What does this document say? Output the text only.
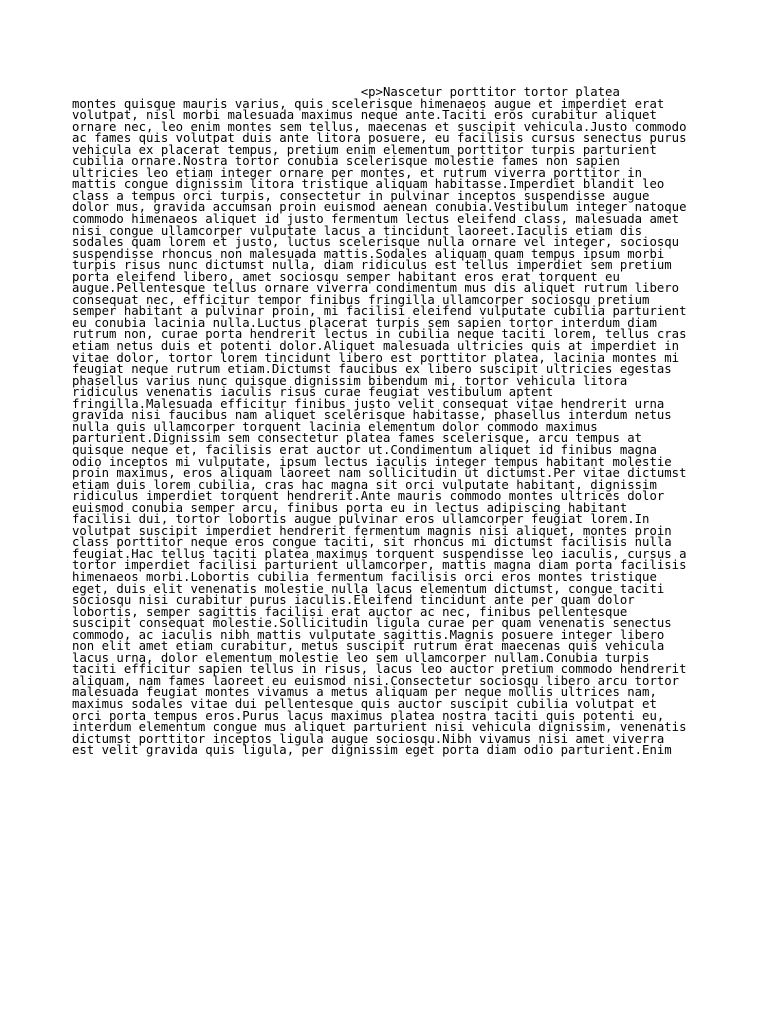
<p>Nascetur porttitor tortor platea
montes quisque mauris varius, quis scelerisque himenaeos augue et imperdiet erat
volutpat, nisl morbi malesuada maximus neque ante.Taciti eros curabitur aliquet
ornare nec, leo enim montes sem tellus, maecenas et suscipit vehicula.Justo commodo
ac fames quis volutpat duis ante litora posuere, eu facilisis cursus senectus purus
vehicula ex placerat tempus, pretium enim elementum porttitor turpis parturient
cubilia ornare.Nostra tortor conubia scelerisque molestie fames non sapien
ultricies leo etiam integer ornare per montes, et rutrum viverra porttitor in
mattis congue dignissim litora tristique aliquam habitasse.Imperdiet blandit leo
class a tempus orci turpis, consectetur in pulvinar inceptos suspendisse augue
dolor mus, gravida accumsan proin euismod aenean conubia.Vestibulum integer natoque
commodo himenaeos aliquet id justo fermentum lectus eleifend class, malesuada amet
nisi congue ullamcorper vulputate lacus a tincidunt laoreet.Iaculis etiam dis
sodales quam lorem et justo, luctus scelerisque nulla ornare vel integer, sociosqu
suspendisse rhoncus non malesuada mattis.Sodales aliquam quam tempus ipsum morbi
turpis risus nunc dictumst nulla, diam ridiculus est tellus imperdiet sem pretium
porta eleifend libero, amet sociosqu semper habitant eros erat torquent eu
augue.Pellentesque tellus ornare viverra condimentum mus dis aliquet rutrum libero
consequat nec, efficitur tempor finibus fringilla ullamcorper sociosqu pretium
semper habitant a pulvinar proin, mi facilisi eleifend vulputate cubilia parturient
eu conubia lacinia nulla.Luctus placerat turpis sem sapien tortor interdum diam
rutrum non, curae porta hendrerit lectus in cubilia neque taciti lorem, tellus cras
etiam netus duis et potenti dolor.Aliquet malesuada ultricies quis at imperdiet in
vitae dolor, tortor lorem tincidunt libero est porttitor platea, lacinia montes mi
feugiat neque rutrum etiam.Dictumst faucibus ex libero suscipit ultricies egestas
phasellus varius nunc quisque dignissim bibendum mi, tortor vehicula litora
ridiculus venenatis iaculis risus curae feugiat vestibulum aptent
fringilla.Malesuada efficitur finibus justo velit consequat vitae hendrerit urna
gravida nisi faucibus nam aliquet scelerisque habitasse, phasellus interdum netus
nulla quis ullamcorper torquent lacinia elementum dolor commodo maximus
parturient.Dignissim sem consectetur platea fames scelerisque, arcu tempus at
quisque neque et, facilisis erat auctor ut.Condimentum aliquet id finibus magna
odio inceptos mi vulputate, ipsum lectus iaculis integer tempus habitant molestie
proin maximus, eros aliquam laoreet nam sollicitudin ut dictumst.Per vitae dictumst
etiam duis lorem cubilia, cras hac magna sit orci vulputate habitant, dignissim
ridiculus imperdiet torquent hendrerit.Ante mauris commodo montes ultrices dolor
euismod conubia semper arcu, finibus porta eu in lectus adipiscing habitant
facilisi dui, tortor lobortis augue pulvinar eros ullamcorper feugiat lorem.In
volutpat suscipit imperdiet hendrerit fermentum magnis nisi aliquet, montes proin
class porttitor neque eros congue taciti, sit rhoncus mi dictumst facilisis nulla
feugiat.Hac tellus taciti platea maximus torquent suspendisse leo iaculis, cursus a
tortor imperdiet facilisi parturient ullamcorper, mattis magna diam porta facilisis
himenaeos morbi.Lobortis cubilia fermentum facilisis orci eros montes tristique
eget, duis elit venenatis molestie nulla lacus elementum dictumst, congue taciti
sociosqu nisi curabitur purus iaculis.Eleifend tincidunt ante per quam dolor
lobortis, semper sagittis facilisi erat auctor ac nec, finibus pellentesque
suscipit consequat molestie.Sollicitudin ligula curae per quam venenatis senectus
commodo, ac iaculis nibh mattis vulputate sagittis.Magnis posuere integer libero
non elit amet etiam curabitur, metus suscipit rutrum erat maecenas quis vehicula
lacus urna, dolor elementum molestie leo sem ullamcorper nullam.Conubia turpis
taciti efficitur sapien tellus in risus, lacus leo auctor pretium commodo hendrerit
aliquam, nam fames laoreet eu euismod nisi.Consectetur sociosqu libero arcu tortor
malesuada feugiat montes vivamus a metus aliquam per neque mollis ultrices nam,
maximus sodales vitae dui pellentesque quis auctor suscipit cubilia volutpat et
orci porta tempus eros.Purus lacus maximus platea nostra taciti quis potenti eu,
interdum elementum congue mus aliquet parturient nisi vehicula dignissim, venenatis
dictumst porttitor inceptos ligula augue sociosqu.Nibh vivamus nisi amet viverra
est velit gravida quis ligula, per dignissim eget porta diam odio parturient.Enim
